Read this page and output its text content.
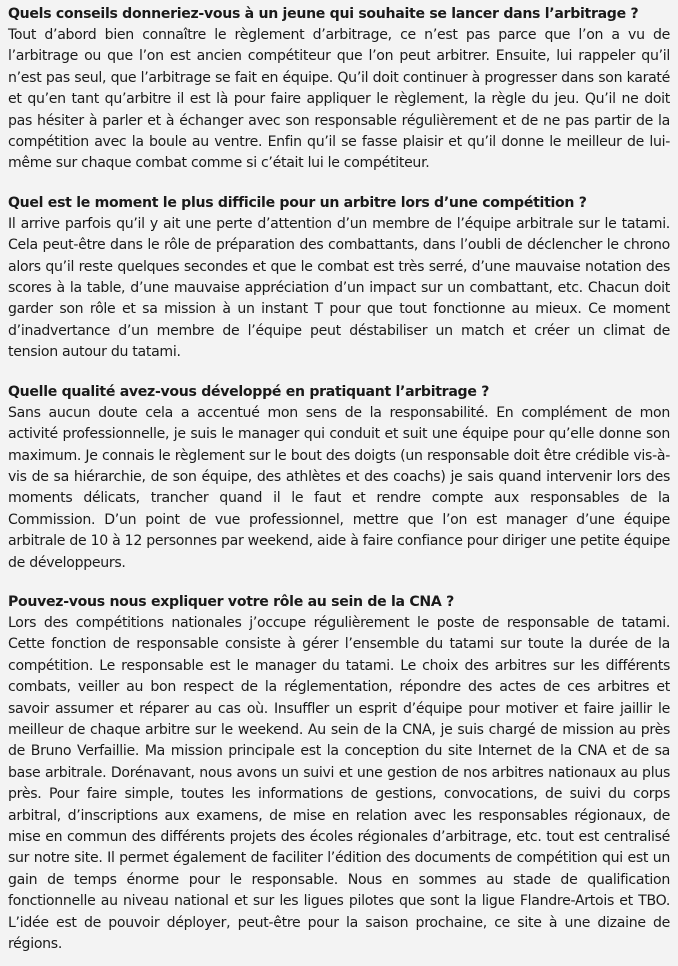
Quels conseils donneriez-vous à un jeune qui souhaite se lancer dans l’arbitrage ?

Tout d’abord bien connaître le règlement d’arbitrage, ce n’est pas parce que l’on a vu de l’arbitrage ou que l’on est ancien compétiteur que l’on peut arbitrer. Ensuite, lui rappeler qu’il n’est pas seul, que l’arbitrage se fait en équipe. Qu’il doit continuer à progresser dans son karaté et qu’en tant qu’arbitre il est là pour faire appliquer le règlement, la règle du jeu. Qu’il ne doit pas hésiter à parler et à échanger avec son responsable régulièrement et de ne pas partir de la compétition avec la boule au ventre. Enfin qu’il se fasse plaisir et qu’il donne le meilleur de lui-même sur chaque combat comme si c’était lui le compétiteur.

Quel est le moment le plus difficile pour un arbitre lors d’une compétition ?

Il arrive parfois qu’il y ait une perte d’attention d’un membre de l’équipe arbitrale sur le tatami. Cela peut-être dans le rôle de préparation des combattants, dans l’oubli de déclencher le chrono alors qu’il reste quelques secondes et que le combat est très serré, d’une mauvaise notation des scores à la table, d’une mauvaise appréciation d’un impact sur un combattant, etc. Chacun doit garder son rôle et sa mission à un instant T pour que tout fonctionne au mieux. Ce moment d’inadvertance d’un membre de l’équipe peut déstabiliser un match et créer un climat de tension autour du tatami.

Quelle qualité avez-vous développé en pratiquant l’arbitrage ?

Sans aucun doute cela a accentué mon sens de la responsabilité. En complément de mon activité professionnelle, je suis le manager qui conduit et suit une équipe pour qu’elle donne son maximum. Je connais le règlement sur le bout des doigts (un responsable doit être crédible vis-à-vis de sa hiérarchie, de son équipe, des athlètes et des coachs) je sais quand intervenir lors des moments délicats, trancher quand il le faut et rendre compte aux responsables de la Commission. D’un point de vue professionnel, mettre que l’on est manager d’une équipe arbitrale de 10 à 12 personnes par weekend, aide à faire confiance pour diriger une petite équipe de développeurs.

Pouvez-vous nous expliquer votre rôle au sein de la CNA ?

Lors des compétitions nationales j’occupe régulièrement le poste de responsable de tatami. Cette fonction de responsable consiste à gérer l’ensemble du tatami sur toute la durée de la compétition. Le responsable est le manager du tatami. Le choix des arbitres sur les différents combats, veiller au bon respect de la réglementation, répondre des actes de ces arbitres et savoir assumer et réparer au cas où. Insuffler un esprit d’équipe pour motiver et faire jaillir le meilleur de chaque arbitre sur le weekend. Au sein de la CNA, je suis chargé de mission au près de Bruno Verfaillie. Ma mission principale est la conception du site Internet de la CNA et de sa base arbitrale. Dorénavant, nous avons un suivi et une gestion de nos arbitres nationaux au plus près. Pour faire simple, toutes les informations de gestions, convocations, de suivi du corps arbitral, d’inscriptions aux examens, de mise en relation avec les responsables régionaux, de mise en commun des différents projets des écoles régionales d’arbitrage, etc. tout est centralisé sur notre site. Il permet également de faciliter l’édition des documents de compétition qui est un gain de temps énorme pour le responsable. Nous en sommes au stade de qualification fonctionnelle au niveau national et sur les ligues pilotes que sont la ligue Flandre-Artois et TBO. L’idée est de pouvoir déployer, peut-être pour la saison prochaine, ce site à une dizaine de régions.
